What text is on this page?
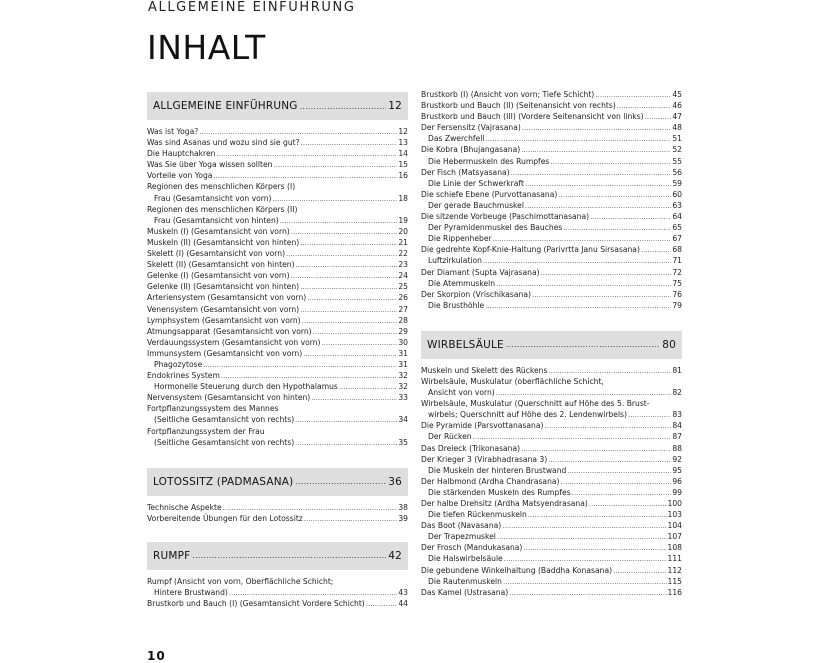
ALLGEMEINE EINFÜHRUNG
INHALT
ALLGEMEINE EINFÜHRUNG .....	12
Was ist Yoga? .....	12
Was sind Asanas und wozu sind sie gut? .....	13
Die Hauptchakren .....	14
Was Sie über Yoga wissen sollten .....	15
Vorteile von Yoga .....	16
Regionen des menschlichen Körpers (I)
Frau (Gesamtansicht von vorn) .....	18
Regionen des menschlichen Körpers (II)
Frau (Gesamtansicht von hinten) .....	19
Muskeln (I) (Gesamtansicht von vorn) .....	20
Muskeln (II) (Gesamtansicht von hinten) .....	21
Skelett (I) (Gesamtansicht von vorn) .....	22
Skelett (II) (Gesamtansicht von hinten) .....	23
Gelenke (I) (Gesamtansicht von vorn) .....	24
Gelenke (II) (Gesamtansicht von hinten) .....	25
Arteriensystem (Gesamtansicht von vorn) .....	26
Venensystem (Gesamtansicht von vorn) .....	27
Lymphsystem (Gesamtansicht von vorn) .....	28
Atmungsapparat (Gesamtansicht von vorn) .....	29
Verdauungssystem (Gesamtansicht von vorn) .....	30
Immunsystem (Gesamtansicht von vorn) .....	31
Phagozytose .....	31
Endokrines System .....	32
Hormonelle Steuerung durch den Hypothalamus .....	32
Nervensystem (Gesamtansicht von hinten) .....	33
Fortpflanzungssystem des Mannes
(Seitliche Gesamtansicht von rechts) .....	34
Fortpflanzungssystem der Frau
(Seitliche Gesamtansicht von rechts) .....	35
LOTOSSITZ (PADMASANA) .....	36
Technische Aspekte .....	38
Vorbereitende Übungen für den Lotossitz .....	39
RUMPF .....	42
Rumpf (Ansicht von vorn, Oberflächliche Schicht;
Hintere Brustwand) .....	43
Brustkorb und Bauch (I) (Gesamtansicht Vordere Schicht) .....	44
Brustkorb (I) (Ansicht von vorn; Tiefe Schicht) .....	45
Brustkorb und Bauch (II) (Seitenansicht von rechts) .....	46
Brustkorb und Bauch (III) (Vordere Seitenansicht von links) .....	47
Der Fersensitz (Vajrasana) .....	48
Das Zwerchfell .....	51
Die Kobra (Bhujangasana) .....	52
Die Hebermuskeln des Rumpfes .....	55
Der Fisch (Matsyasana) .....	56
Die Linie der Schwerkraft .....	59
Die schiefe Ebene (Purvottanasana) .....	60
Der gerade Bauchmuskel .....	63
Die sitzende Vorbeuge (Paschimottanasana) .....	64
Der Pyramidenmuskel des Bauches .....	65
Die Rippenheber .....	67
Die gedrehte Kopf-Knie-Haltung (Parivrtta Janu Sirsasana) .....	68
Luftzirkulation .....	71
Der Diamant (Supta Vajrasana) .....	72
Die Atemmuskeln .....	75
Der Skorpion (Vrischikasana) .....	76
Die Brusthöhle .....	79
WIRBELSÄULE .....	80
Muskeln und Skelett des Rückens .....	81
Wirbelsäule, Muskulatur (oberflächliche Schicht,
Ansicht von vorn) .....	82
Wirbelsäule, Muskulatur (Querschnitt auf Höhe des 5. Brust-
wirbels; Querschnitt auf Höhe des 2. Lendenwirbels) .....	83
Die Pyramide (Parsvottanasana) .....	84
Der Rücken .....	87
Das Dreieck (Trikonasana) .....	88
Der Krieger 3 (Virabhadrasana 3) .....	92
Die Muskeln der hinteren Brustwand .....	95
Der Halbmond (Ardha Chandrasana) .....	96
Die stärkenden Muskeln des Rumpfes .....	99
Der halbe Drehsitz (Ardha Matsyendrasana) .....	100
Die tiefen Rückenmuskeln .....	103
Das Boot (Navasana) .....	104
Der Trapezmuskel .....	107
Der Frosch (Mandukasana) .....	108
Die Halswirbelsäule .....	111
Die gebundene Winkelhaltung (Baddha Konasana) .....	112
Die Rautenmuskeln .....	115
Das Kamel (Ustrasana) .....	116
10
